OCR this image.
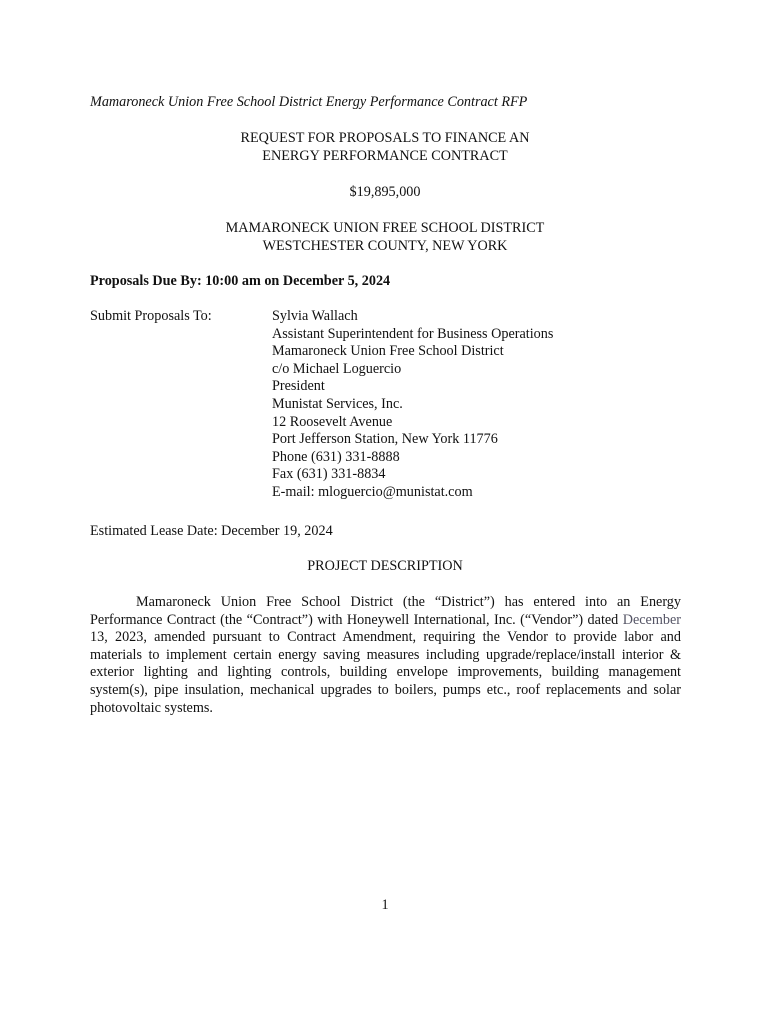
Mamaroneck Union Free School District Energy Performance Contract RFP
REQUEST FOR PROPOSALS TO FINANCE AN
ENERGY PERFORMANCE CONTRACT
$19,895,000
MAMARONECK UNION FREE SCHOOL DISTRICT
WESTCHESTER COUNTY, NEW YORK
Proposals Due By: 10:00 am on December 5, 2024
Submit Proposals To:	Sylvia Wallach
Assistant Superintendent for Business Operations
Mamaroneck Union Free School District
c/o Michael Loguercio
President
Munistat Services, Inc.
12 Roosevelt Avenue
Port Jefferson Station, New York 11776
Phone (631) 331-8888
Fax (631) 331-8834
E-mail: mloguercio@munistat.com
Estimated Lease Date: December 19, 2024
PROJECT DESCRIPTION
Mamaroneck Union Free School District (the “District”) has entered into an Energy Performance Contract (the “Contract”) with Honeywell International, Inc. (“Vendor”) dated December 13, 2023, amended pursuant to Contract Amendment, requiring the Vendor to provide labor and materials to implement certain energy saving measures including upgrade/replace/install interior & exterior lighting and lighting controls, building envelope improvements, building management system(s), pipe insulation, mechanical upgrades to boilers, pumps etc., roof replacements and solar photovoltaic systems.
1
